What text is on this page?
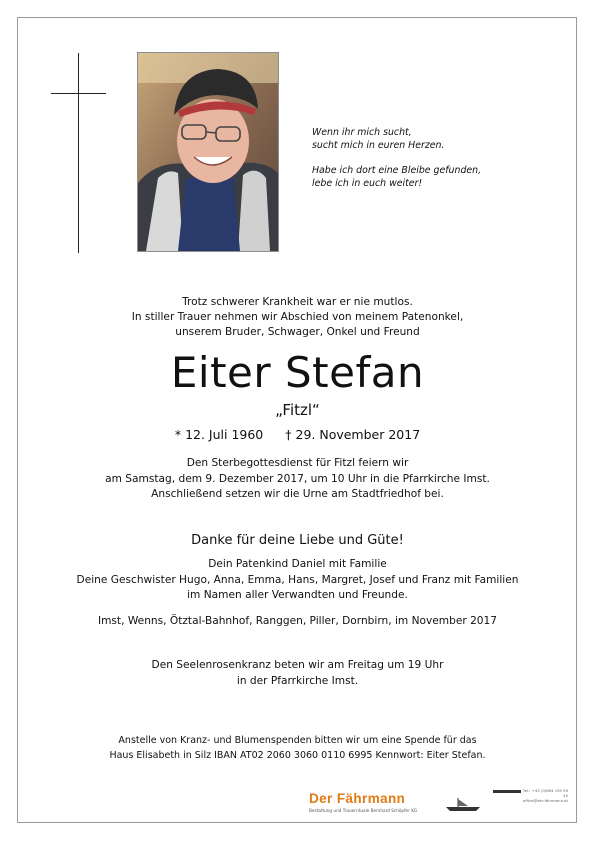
Wenn ihr mich sucht,
sucht mich in euren Herzen.

Habe ich dort eine Bleibe gefunden,
lebe ich in euch weiter!

Trotz schwerer Krankheit war er nie mutlos.
In stiller Trauer nehmen wir Abschied von meinem Patenonkel,
unserem Bruder, Schwager, Onkel und Freund
Eiter Stefan
„Fitzl“
* 12. Juli 1960 † 29. November 2017
Den Sterbegottesdienst für Fitzl feiern wir
am Samstag, dem 9. Dezember 2017, um 10 Uhr in die Pfarrkirche Imst.
Anschließend setzen wir die Urne am Stadtfriedhof bei.
Danke für deine Liebe und Güte!
Dein Patenkind Daniel mit Familie
Deine Geschwister Hugo, Anna, Emma, Hans, Margret, Josef und Franz mit Familien
im Namen aller Verwandten und Freunde.
Imst, Wenns, Ötztal-Bahnhof, Ranggen, Piller, Dornbirn, im November 2017
Den Seelenrosenkranz beten wir am Freitag um 19 Uhr
in der Pfarrkirche Imst.
Anstelle von Kranz- und Blumenspenden bitten wir um eine Spende für das
Haus Elisabeth in Silz IBAN AT02 2060 3060 0110 6995 Kennwort: Eiter Stefan.
Der Fährmann
Bestattung und Trauerrituale Bernhard Schöpfer KG
Tel.: +43 (0)664 195 99 40
office@der-fährmann.at
